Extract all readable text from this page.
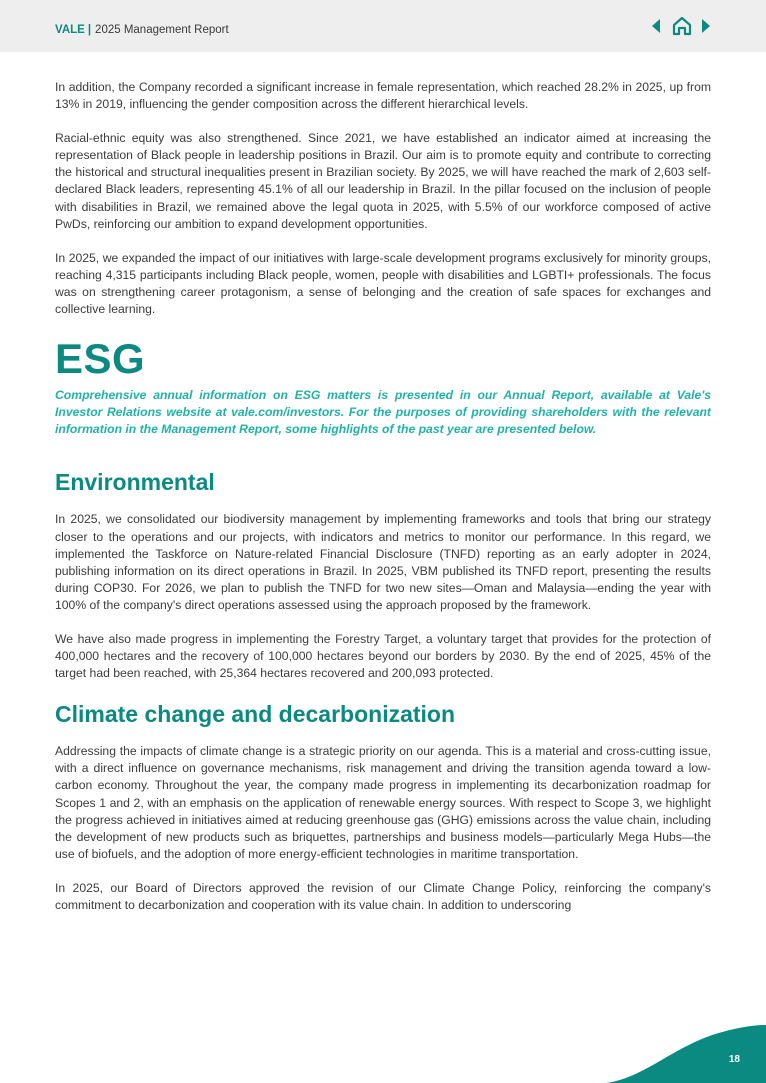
VALE | 2025 Management Report

In addition, the Company recorded a significant increase in female representation, which reached 28.2% in 2025, up from 13% in 2019, influencing the gender composition across the different hierarchical levels.

Racial-ethnic equity was also strengthened. Since 2021, we have established an indicator aimed at increasing the representation of Black people in leadership positions in Brazil. Our aim is to promote equity and contribute to correcting the historical and structural inequalities present in Brazilian society. By 2025, we will have reached the mark of 2,603 self-declared Black leaders, representing 45.1% of all our leadership in Brazil. In the pillar focused on the inclusion of people with disabilities in Brazil, we remained above the legal quota in 2025, with 5.5% of our workforce composed of active PwDs, reinforcing our ambition to expand development opportunities.

In 2025, we expanded the impact of our initiatives with large-scale development programs exclusively for minority groups, reaching 4,315 participants including Black people, women, people with disabilities and LGBTI+ professionals. The focus was on strengthening career protagonism, a sense of belonging and the creation of safe spaces for exchanges and collective learning.

ESG

Comprehensive annual information on ESG matters is presented in our Annual Report, available at Vale's Investor Relations website at vale.com/investors. For the purposes of providing shareholders with the relevant information in the Management Report, some highlights of the past year are presented below.

Environmental

In 2025, we consolidated our biodiversity management by implementing frameworks and tools that bring our strategy closer to the operations and our projects, with indicators and metrics to monitor our performance. In this regard, we implemented the Taskforce on Nature-related Financial Disclosure (TNFD) reporting as an early adopter in 2024, publishing information on its direct operations in Brazil. In 2025, VBM published its TNFD report, presenting the results during COP30. For 2026, we plan to publish the TNFD for two new sites—Oman and Malaysia—ending the year with 100% of the company's direct operations assessed using the approach proposed by the framework.

We have also made progress in implementing the Forestry Target, a voluntary target that provides for the protection of 400,000 hectares and the recovery of 100,000 hectares beyond our borders by 2030. By the end of 2025, 45% of the target had been reached, with 25,364 hectares recovered and 200,093 protected.

Climate change and decarbonization

Addressing the impacts of climate change is a strategic priority on our agenda. This is a material and cross-cutting issue, with a direct influence on governance mechanisms, risk management and driving the transition agenda toward a low-carbon economy. Throughout the year, the company made progress in implementing its decarbonization roadmap for Scopes 1 and 2, with an emphasis on the application of renewable energy sources. With respect to Scope 3, we highlight the progress achieved in initiatives aimed at reducing greenhouse gas (GHG) emissions across the value chain, including the development of new products such as briquettes, partnerships and business models—particularly Mega Hubs—the use of biofuels, and the adoption of more energy-efficient technologies in maritime transportation.

In 2025, our Board of Directors approved the revision of our Climate Change Policy, reinforcing the company's commitment to decarbonization and cooperation with its value chain. In addition to underscoring

18
